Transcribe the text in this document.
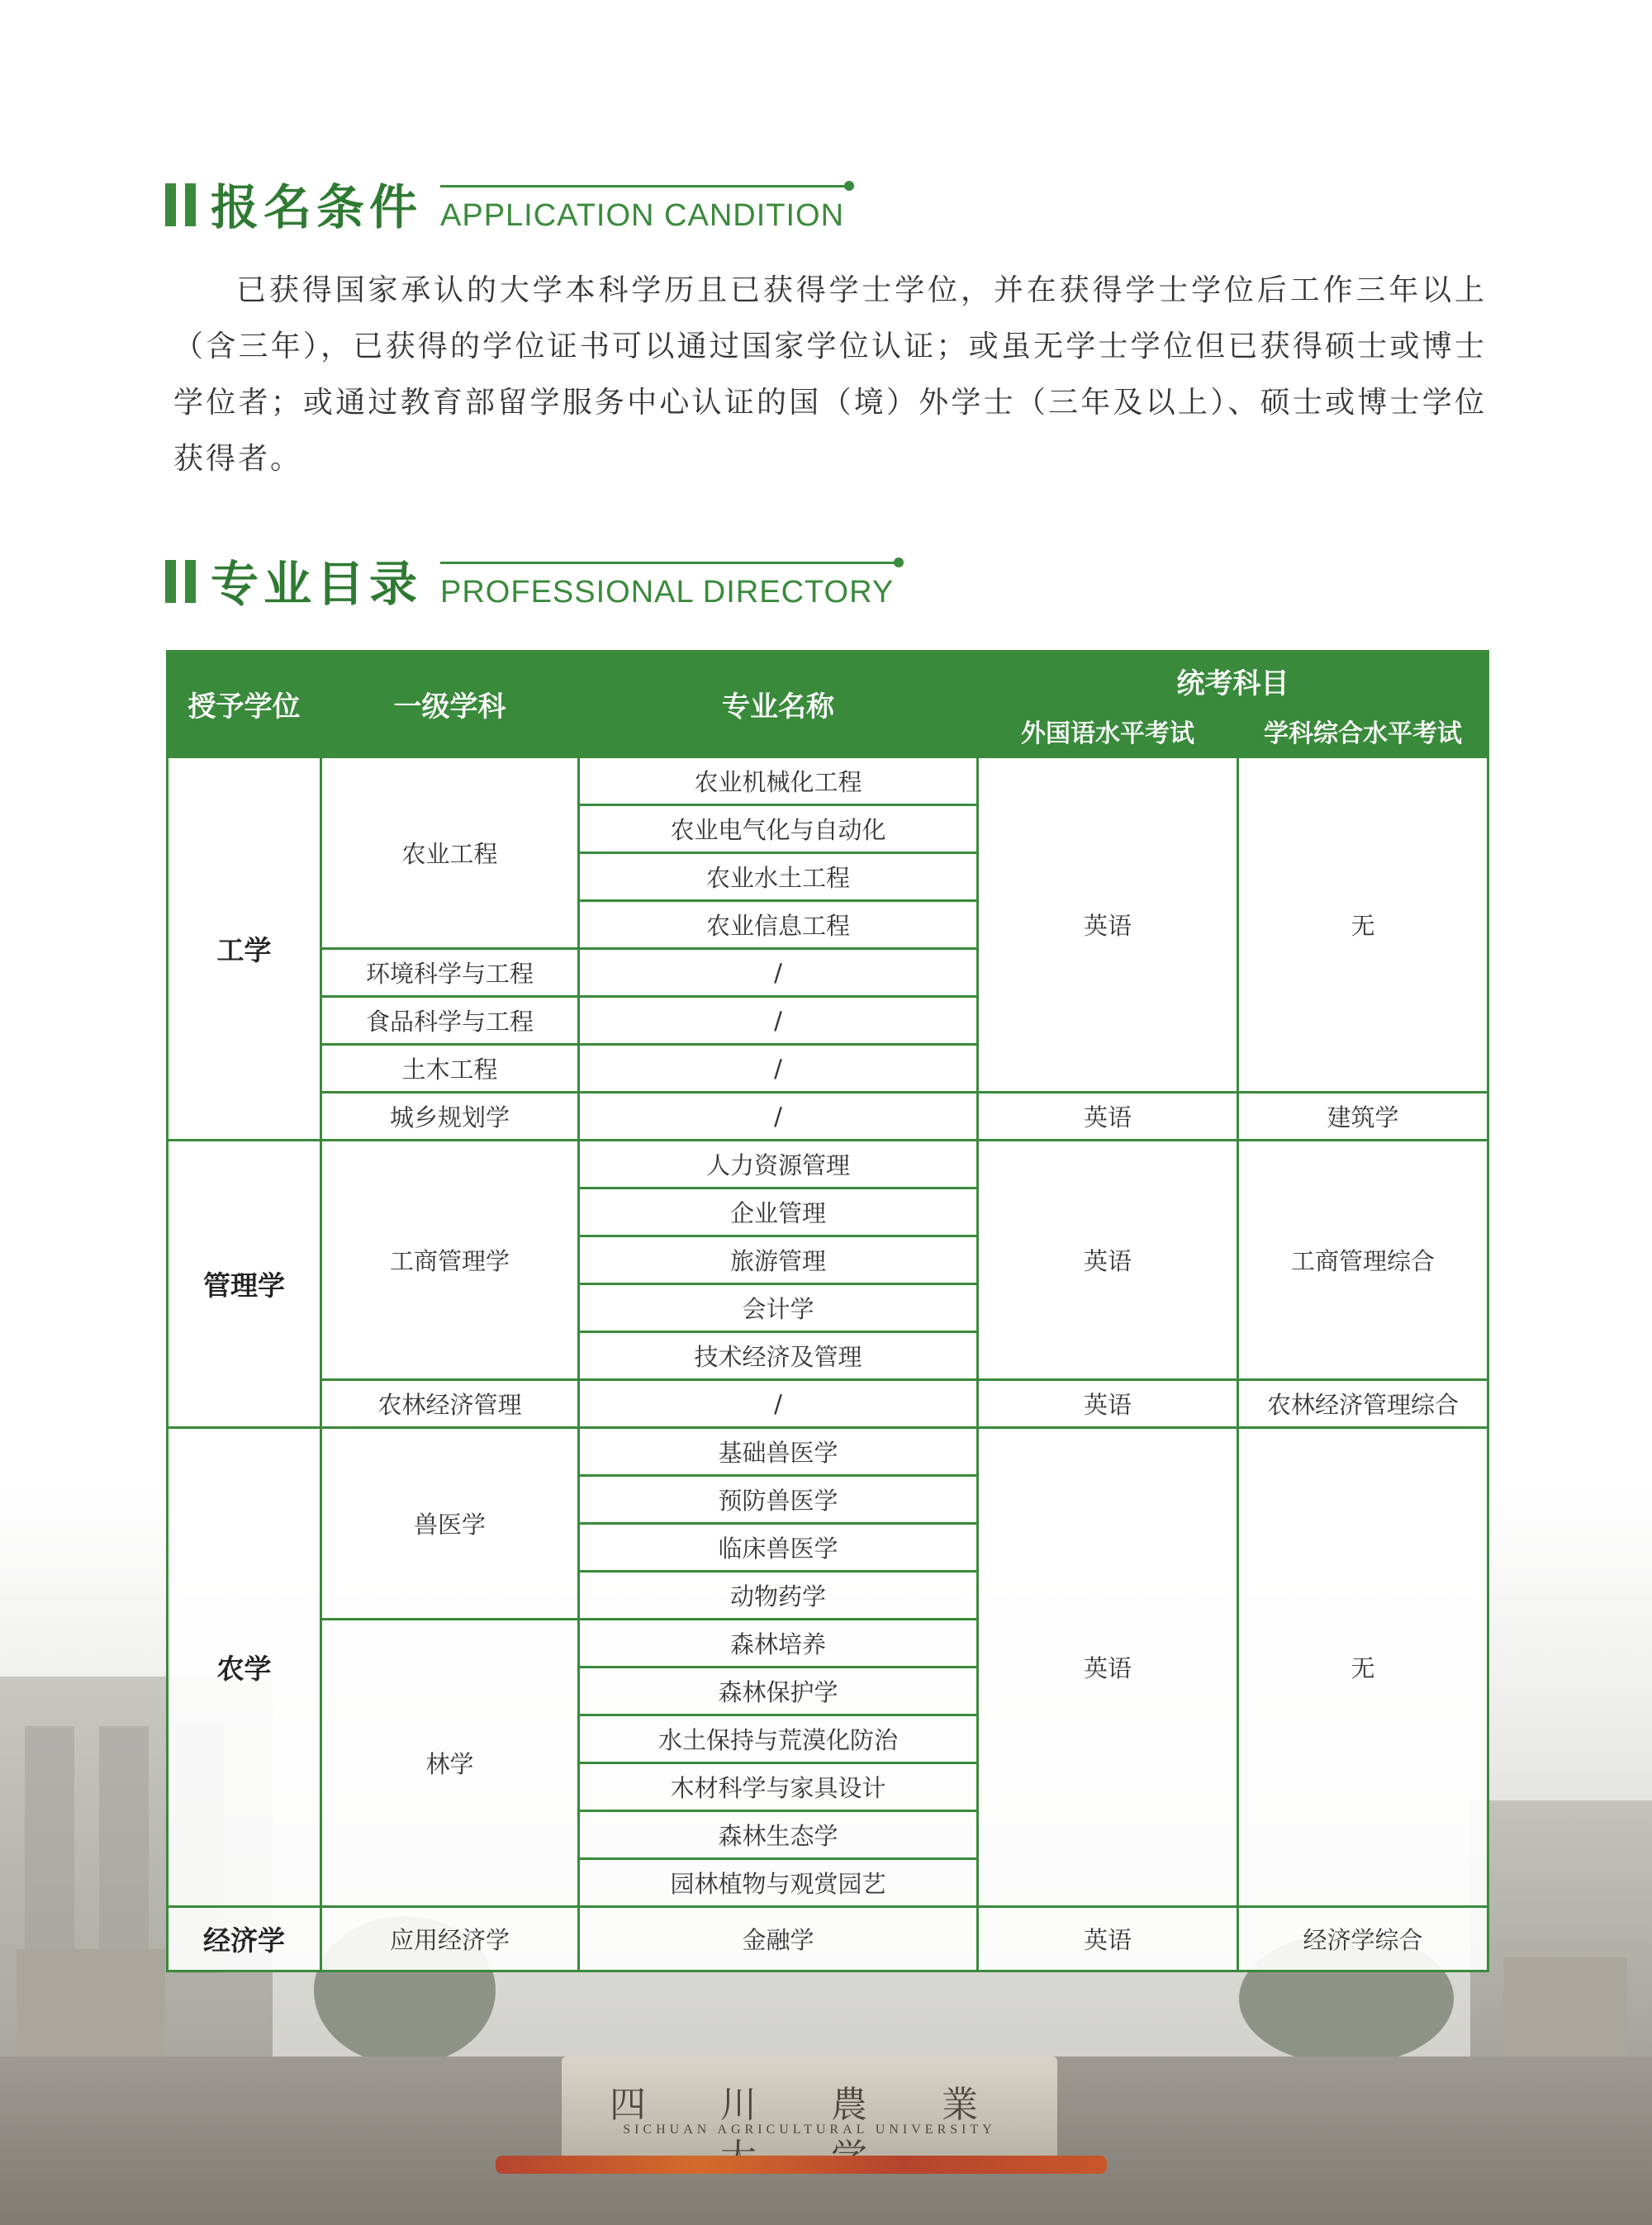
报名条件 APPLICATION CANDITION

已获得国家承认的大学本科学历且已获得学士学位，并在获得学士学位后工作三年以上（含三年），已获得的学位证书可以通过国家学位认证；或虽无学士学位但已获得硕士或博士学位者；或通过教育部留学服务中心认证的国（境）外学士（三年及以上）、硕士或博士学位获得者。

专业目录 PROFESSIONAL DIRECTORY
四 川 農 業
SICHUAN AGRICULTURAL UNIVERSITY
授予学位	一级学科	专业名称	统考科目	
			外国语水平考试	学科综合水平考试
工学	农业工程	农业机械化工程	英语	无
		农业电气化与自动化		
		农业水土工程		
		农业信息工程		
	环境科学与工程	/		
	食品科学与工程	/		
	土木工程	/		
	城乡规划学	/	英语	建筑学
管理学	工商管理学	人力资源管理	英语	工商管理综合
		企业管理		
		旅游管理		
		会计学		
		技术经济及管理		
	农林经济管理	/	英语	农林经济管理综合
农学	兽医学	基础兽医学	英语	无
		预防兽医学		
		临床兽医学		
		动物药学		
	林学	森林培养		
		森林保护学		
		水土保持与荒漠化防治		
		木材科学与家具设计		
		森林生态学		
		园林植物与观赏园艺		
经济学	应用经济学	金融学	英语	经济学综合
